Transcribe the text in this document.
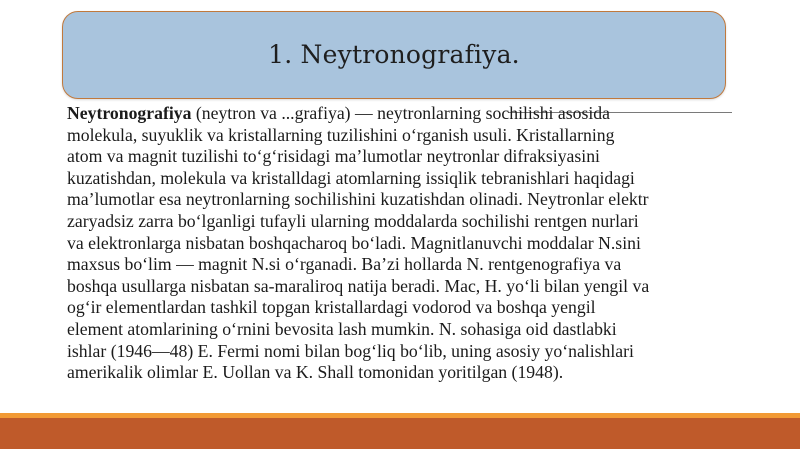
1. Neytronografiya.

Neytronografiya (neytron va ...grafiya) — neytronlarning sochilishi asosida
molekula, suyuklik va kristallarning tuzilishini oʻrganish usuli. Kristallarning
atom va magnit tuzilishi toʻgʻrisidagi maʼlumotlar neytronlar difraksiyasini
kuzatishdan, molekula va kristalldagi atomlarning issiqlik tebranishlari haqidagi
maʼlumotlar esa neytronlarning sochilishini kuzatishdan olinadi. Neytronlar elektr
zaryadsiz zarra boʻlganligi tufayli ularning moddalarda sochilishi rentgen nurlari
va elektronlarga nisbatan boshqacharoq boʻladi. Magnitlanuvchi moddalar N.sini
maxsus boʻlim — magnit N.si oʻrganadi. Baʼzi hollarda N. rentgenografiya va
boshqa usullarga nisbatan sa-maraliroq natija beradi. Mac, H. yoʻli bilan yengil va
ogʻir elementlardan tashkil topgan kristallardagi vodorod va boshqa yengil
element atomlarining oʻrnini bevosita lash mumkin. N. sohasiga oid dastlabki
ishlar (1946—48) E. Fermi nomi bilan bogʻliq boʻlib, uning asosiy yoʻnalishlari
amerikalik olimlar E. Uollan va K. Shall tomonidan yoritilgan (1948).
